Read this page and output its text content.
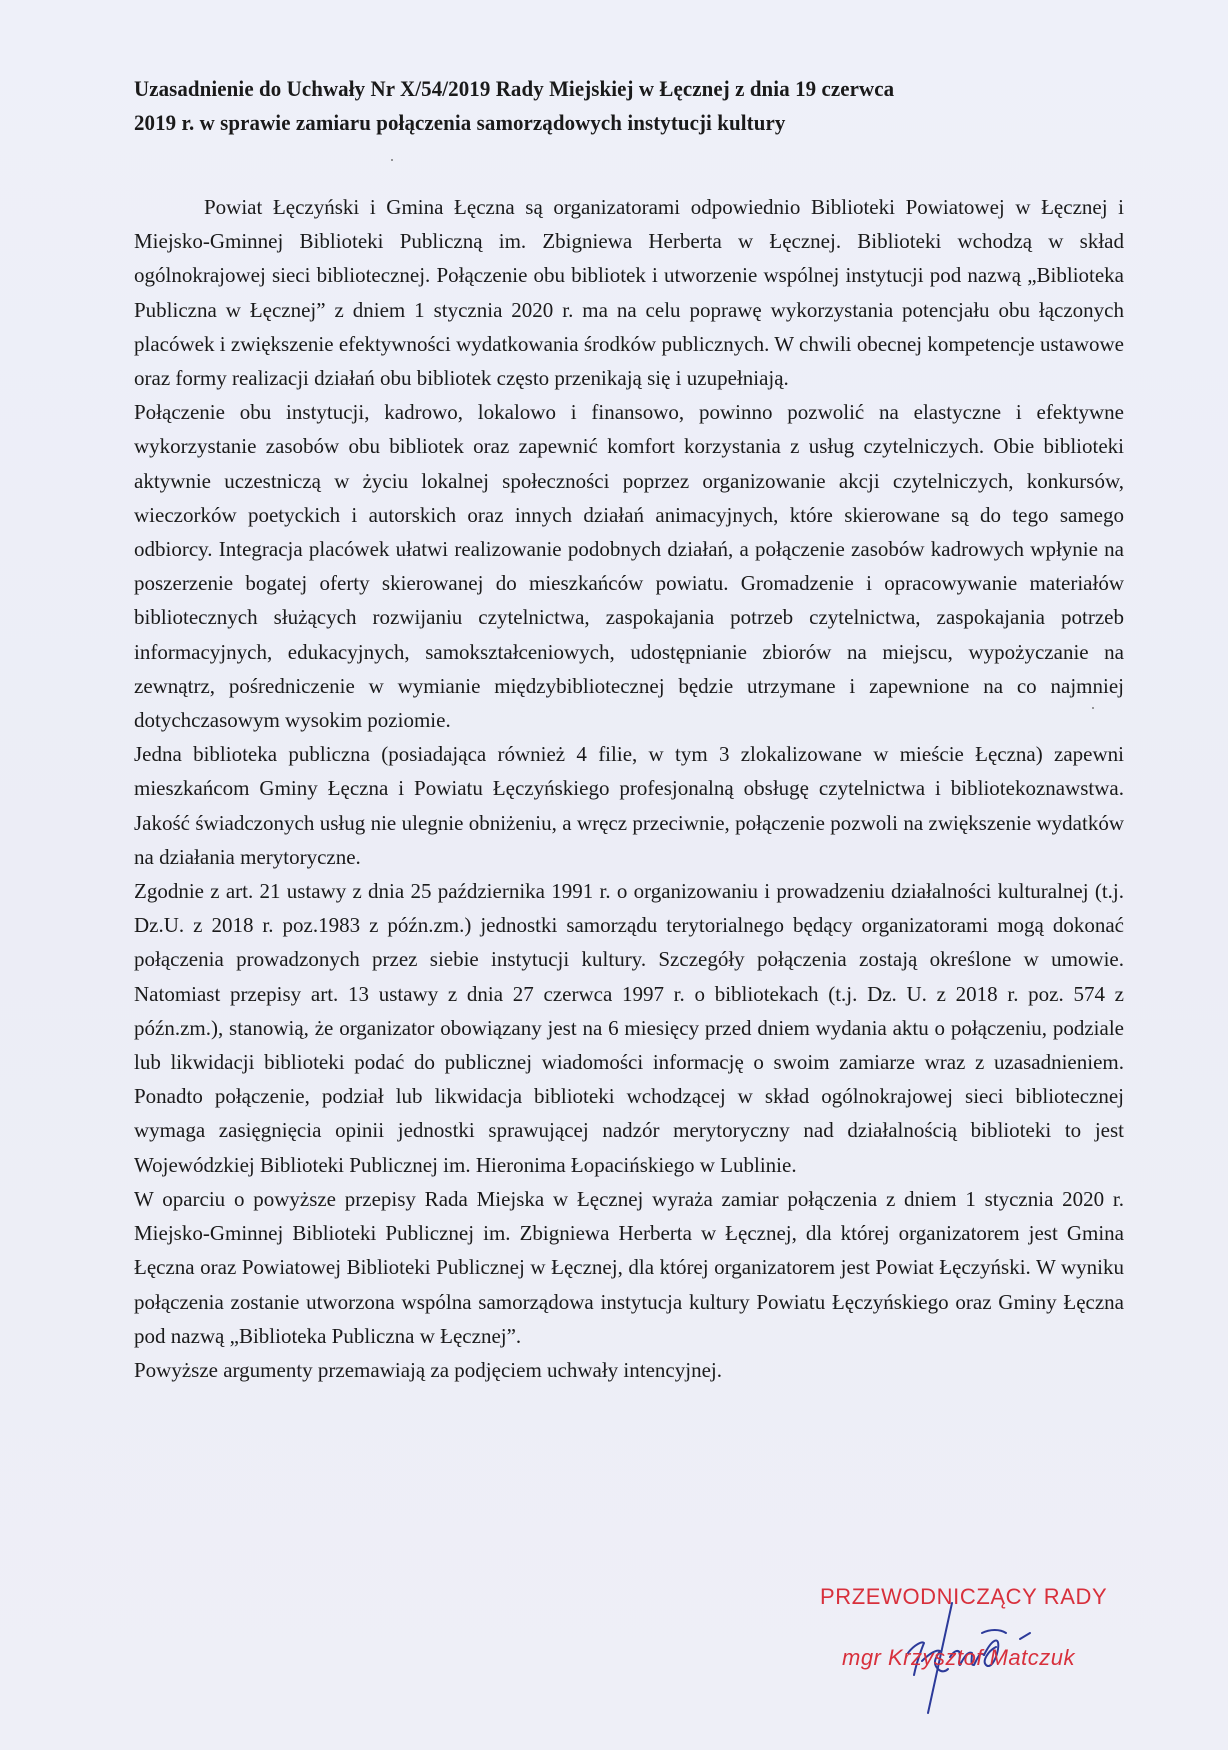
Uzasadnienie do Uchwały Nr X/54/2019 Rady Miejskiej w Łęcznej z dnia 19 czerwca 2019 r. w sprawie zamiaru połączenia samorządowych instytucji kultury

Powiat Łęczyński i Gmina Łęczna są organizatorami odpowiednio Biblioteki Powiatowej w Łęcznej i Miejsko-Gminnej Biblioteki Publiczną im. Zbigniewa Herberta w Łęcznej. Biblioteki wchodzą w skład ogólnokrajowej sieci bibliotecznej. Połączenie obu bibliotek i utworzenie wspólnej instytucji pod nazwą „Biblioteka Publiczna w Łęcznej” z dniem 1 stycznia 2020 r. ma na celu poprawę wykorzystania potencjału obu łączonych placówek i zwiększenie efektywności wydatkowania środków publicznych. W chwili obecnej kompetencje ustawowe oraz formy realizacji działań obu bibliotek często przenikają się i uzupełniają.

Połączenie obu instytucji, kadrowo, lokalowo i finansowo, powinno pozwolić na elastyczne i efektywne wykorzystanie zasobów obu bibliotek oraz zapewnić komfort korzystania z usług czytelniczych. Obie biblioteki aktywnie uczestniczą w życiu lokalnej społeczności poprzez organizowanie akcji czytelniczych, konkursów, wieczorków poetyckich i autorskich oraz innych działań animacyjnych, które skierowane są do tego samego odbiorcy. Integracja placówek ułatwi realizowanie podobnych działań, a połączenie zasobów kadrowych wpłynie na poszerzenie bogatej oferty skierowanej do mieszkańców powiatu. Gromadzenie i opracowywanie materiałów bibliotecznych służących rozwijaniu czytelnictwa, zaspokajania potrzeb czytelnictwa, zaspokajania potrzeb informacyjnych, edukacyjnych, samokształceniowych, udostępnianie zbiorów na miejscu, wypożyczanie na zewnątrz, pośredniczenie w wymianie międzybibliotecznej będzie utrzymane i zapewnione na co najmniej dotychczasowym wysokim poziomie.

Jedna biblioteka publiczna (posiadająca również 4 filie, w tym 3 zlokalizowane w mieście Łęczna) zapewni mieszkańcom Gminy Łęczna i Powiatu Łęczyńskiego profesjonalną obsługę czytelnictwa i bibliotekoznawstwa. Jakość świadczonych usług nie ulegnie obniżeniu, a wręcz przeciwnie, połączenie pozwoli na zwiększenie wydatków na działania merytoryczne.

Zgodnie z art. 21 ustawy z dnia 25 października 1991 r. o organizowaniu i prowadzeniu działalności kulturalnej (t.j. Dz.U. z 2018 r. poz.1983 z późn.zm.) jednostki samorządu terytorialnego będący organizatorami mogą dokonać połączenia prowadzonych przez siebie instytucji kultury. Szczegóły połączenia zostają określone w umowie. Natomiast przepisy art. 13 ustawy z dnia 27 czerwca 1997 r. o bibliotekach (t.j. Dz. U. z 2018 r. poz. 574 z późn.zm.), stanowią, że organizator obowiązany jest na 6 miesięcy przed dniem wydania aktu o połączeniu, podziale lub likwidacji biblioteki podać do publicznej wiadomości informację o swoim zamiarze wraz z uzasadnieniem. Ponadto połączenie, podział lub likwidacja biblioteki wchodzącej w skład ogólnokrajowej sieci bibliotecznej wymaga zasięgnięcia opinii jednostki sprawującej nadzór merytoryczny nad działalnością biblioteki to jest Wojewódzkiej Biblioteki Publicznej im. Hieronima Łopacińskiego w Lublinie.

W oparciu o powyższe przepisy Rada Miejska w Łęcznej wyraża zamiar połączenia z dniem 1 stycznia 2020 r. Miejsko-Gminnej Biblioteki Publicznej im. Zbigniewa Herberta w Łęcznej, dla której organizatorem jest Gmina Łęczna oraz Powiatowej Biblioteki Publicznej w Łęcznej, dla której organizatorem jest Powiat Łęczyński. W wyniku połączenia zostanie utworzona wspólna samorządowa instytucja kultury Powiatu Łęczyńskiego oraz Gminy Łęczna pod nazwą „Biblioteka Publiczna w Łęcznej”.

Powyższe argumenty przemawiają za podjęciem uchwały intencyjnej.

PRZEWODNICZĄCY RADY
mgr Krzysztof Matczuk
